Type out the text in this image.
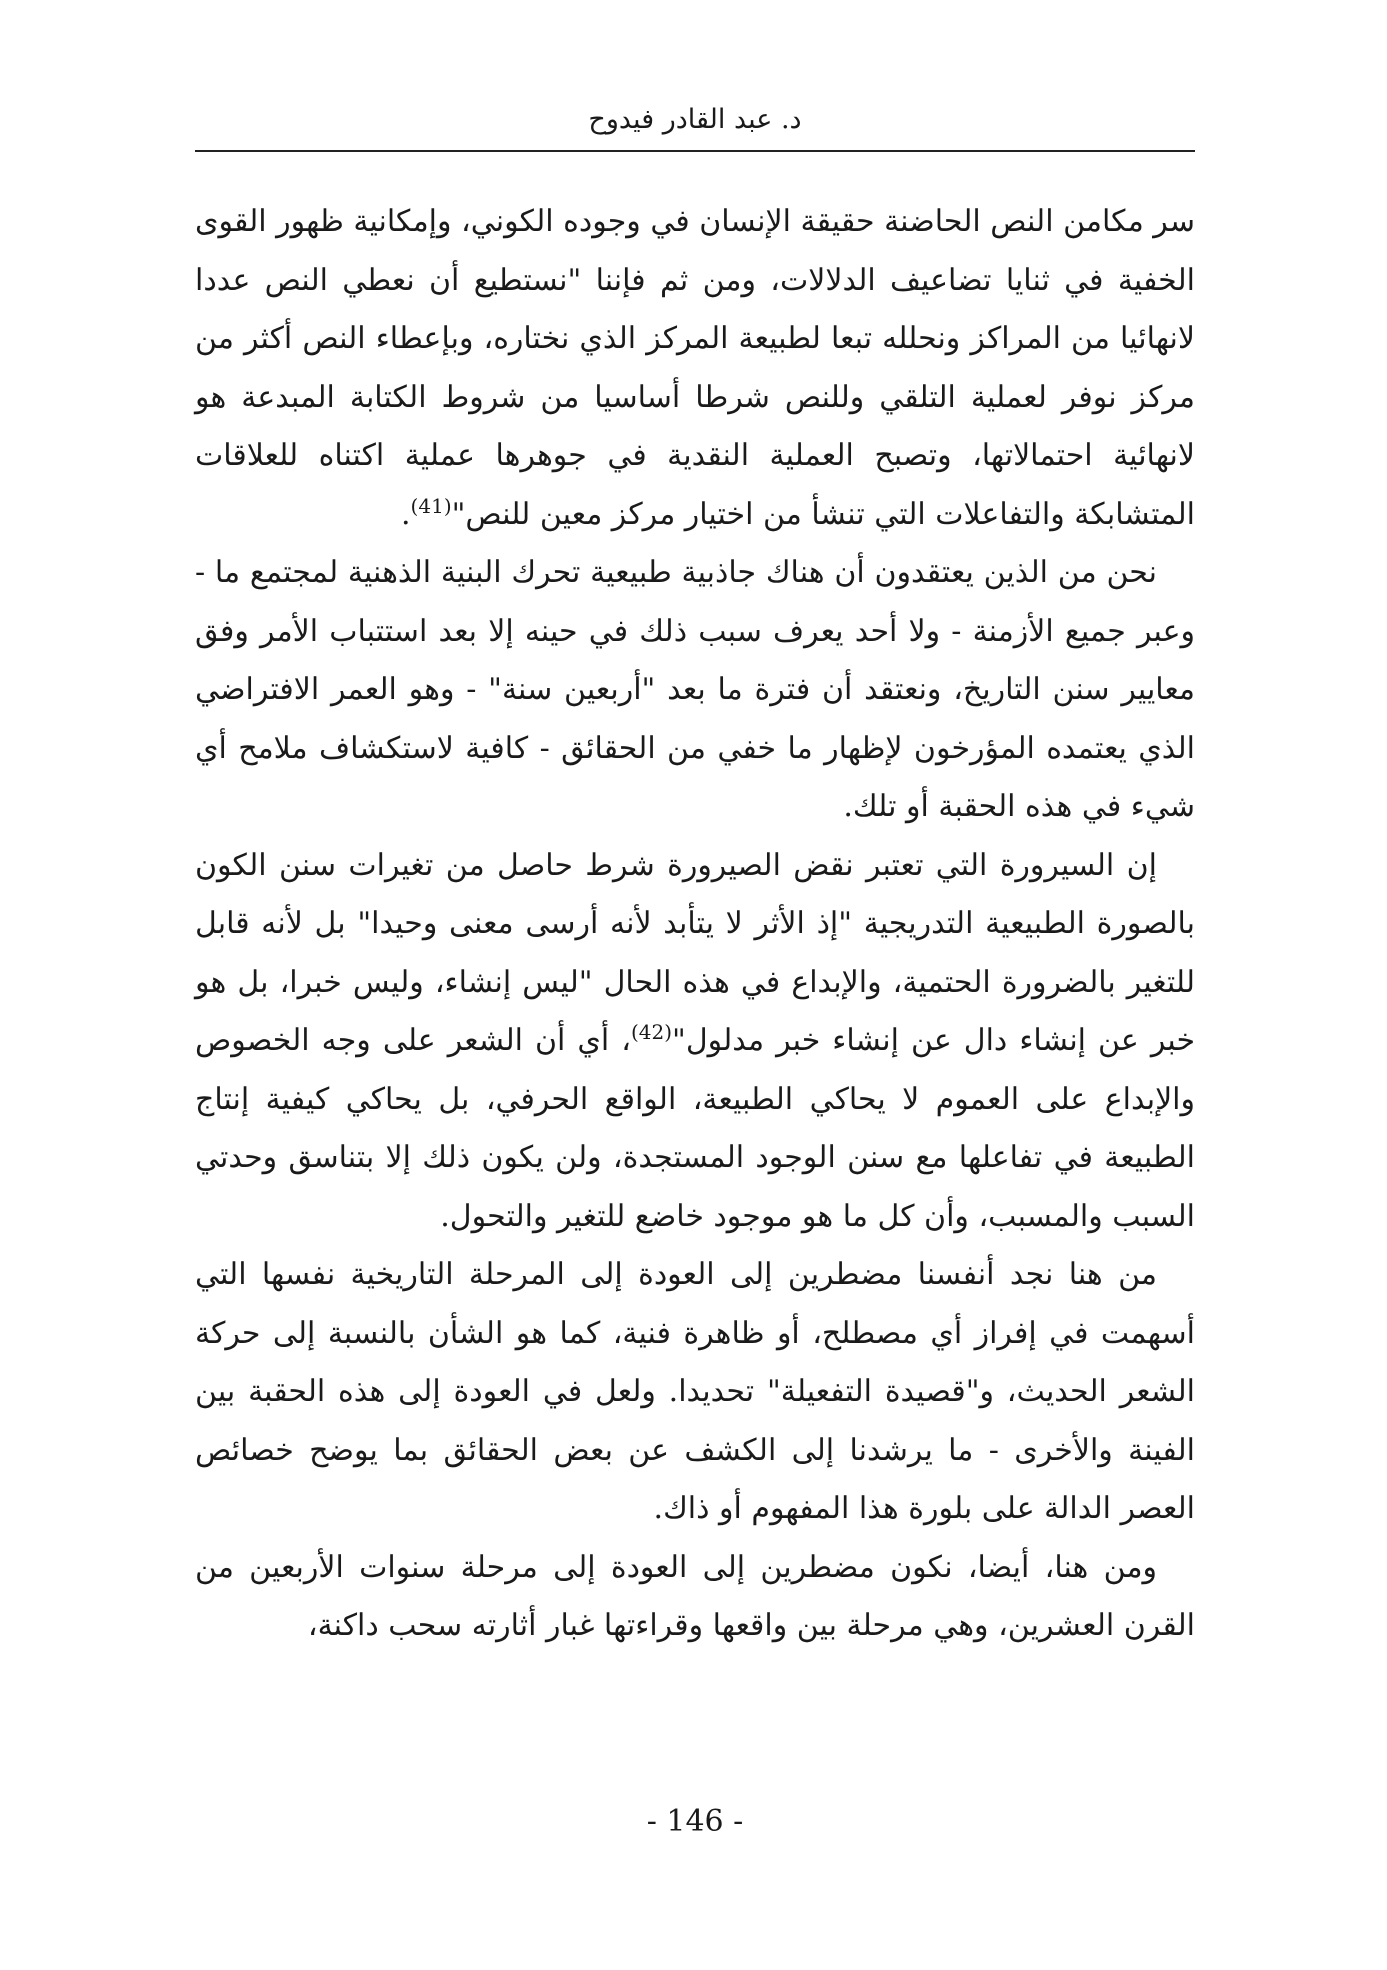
د. عبد القادر فيدوح

سر مكامن النص الحاضنة حقيقة الإنسان في وجوده الكوني، وإمكانية ظهور القوى الخفية في ثنايا تضاعيف الدلالات، ومن ثم فإننا "نستطيع أن نعطي النص عددا لانهائيا من المراكز ونحلله تبعا لطبيعة المركز الذي نختاره، وبإعطاء النص أكثر من مركز نوفر لعملية التلقي وللنص شرطا أساسيا من شروط الكتابة المبدعة هو لانهائية احتمالاتها، وتصبح العملية النقدية في جوهرها عملية اكتناه للعلاقات المتشابكة والتفاعلات التي تنشأ من اختيار مركز معين للنص"$^{(41)}$.

نحن من الذين يعتقدون أن هناك جاذبية طبيعية تحرك البنية الذهنية لمجتمع ما - وعبر جميع الأزمنة - ولا أحد يعرف سبب ذلك في حينه إلا بعد استتباب الأمر وفق معايير سنن التاريخ، ونعتقد أن فترة ما بعد "أربعين سنة" - وهو العمر الافتراضي الذي يعتمده المؤرخون لإظهار ما خفي من الحقائق - كافية لاستكشاف ملامح أي شيء في هذه الحقبة أو تلك.

إن السيرورة التي تعتبر نقض الصيرورة شرط حاصل من تغيرات سنن الكون بالصورة الطبيعية التدريجية "إذ الأثر لا يتأبد لأنه أرسى معنى وحيدا" بل لأنه قابل للتغير بالضرورة الحتمية، والإبداع في هذه الحال "ليس إنشاء، وليس خبرا، بل هو خبر عن إنشاء دال عن إنشاء خبر مدلول"$^{(42)}$، أي أن الشعر على وجه الخصوص والإبداع على العموم لا يحاكي الطبيعة، الواقع الحرفي، بل يحاكي كيفية إنتاج الطبيعة في تفاعلها مع سنن الوجود المستجدة، ولن يكون ذلك إلا بتناسق وحدتي السبب والمسبب، وأن كل ما هو موجود خاضع للتغير والتحول.

من هنا نجد أنفسنا مضطرين إلى العودة إلى المرحلة التاريخية نفسها التي أسهمت في إفراز أي مصطلح، أو ظاهرة فنية، كما هو الشأن بالنسبة إلى حركة الشعر الحديث، و"قصيدة التفعيلة" تحديدا. ولعل في العودة إلى هذه الحقبة بين الفينة والأخرى - ما يرشدنا إلى الكشف عن بعض الحقائق بما يوضح خصائص العصر الدالة على بلورة هذا المفهوم أو ذاك.

ومن هنا، أيضا، نكون مضطرين إلى العودة إلى مرحلة سنوات الأربعين من القرن العشرين، وهي مرحلة بين واقعها وقراءتها غبار أثارته سحب داكنة،

- 146 -
